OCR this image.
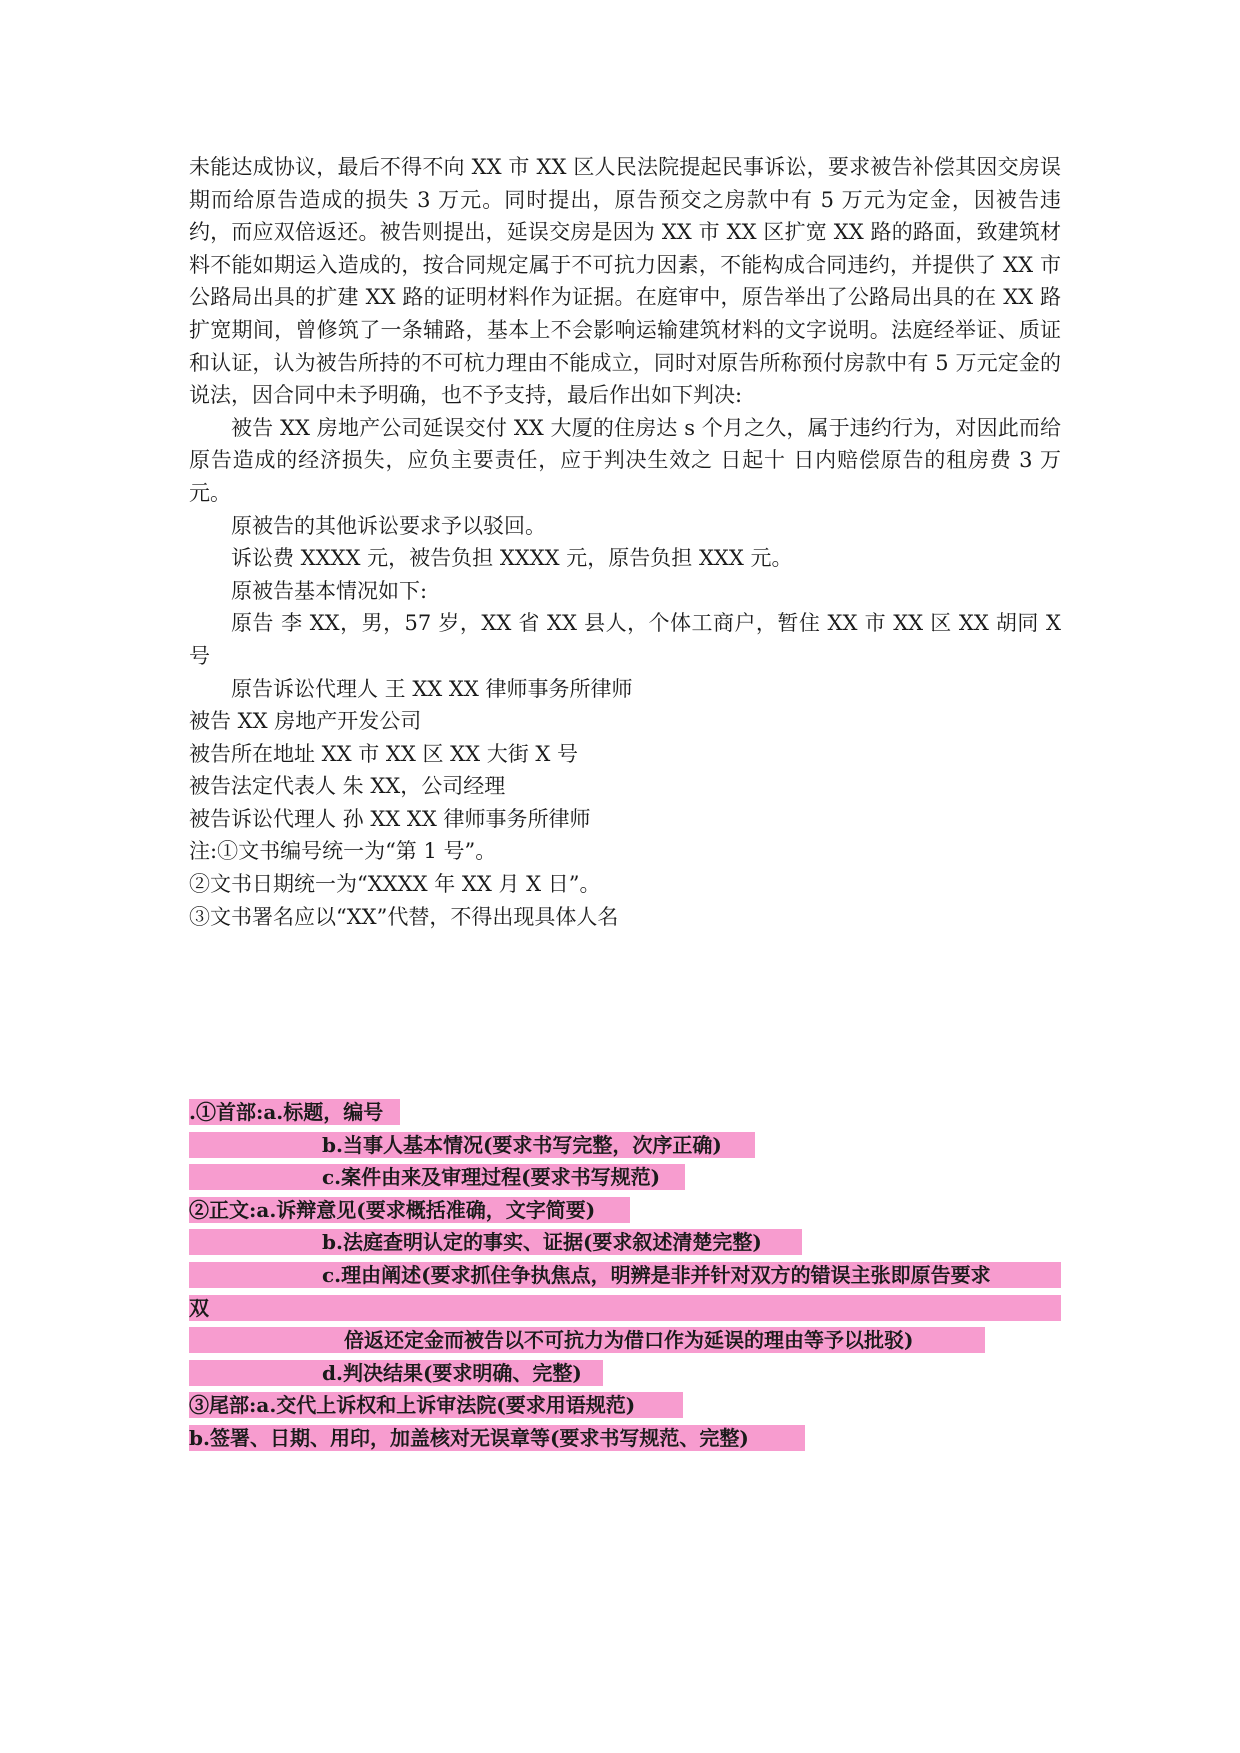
未能达成协议，最后不得不向 XX 市 XX 区人民法院提起民事诉讼，要求被告补偿其因交房误期而给原告造成的损失 3 万元。同时提出，原告预交之房款中有 5 万元为定金，因被告违约，而应双倍返还。被告则提出，延误交房是因为 XX 市 XX 区扩宽 XX 路的路面，致建筑材料不能如期运入造成的，按合同规定属于不可抗力因素，不能构成合同违约，并提供了 XX 市公路局出具的扩建 XX 路的证明材料作为证据。在庭审中，原告举出了公路局出具的在 XX 路扩宽期间，曾修筑了一条辅路，基本上不会影响运输建筑材料的文字说明。法庭经举证、质证和认证，认为被告所持的不可杭力理由不能成立，同时对原告所称预付房款中有 5 万元定金的说法，因合同中未予明确，也不予支持，最后作出如下判决:

被告 XX 房地产公司延误交付 XX 大厦的住房达 s 个月之久，属于违约行为，对因此而给原告造成的经济损失，应负主要责任，应于判决生效之 日起十 日内赔偿原告的租房费 3 万元。

原被告的其他诉讼要求予以驳回。

诉讼费 XXXX 元，被告负担 XXXX 元，原告负担 XXX 元。

原被告基本情况如下:

原告 李 XX，男，57 岁，XX 省 XX 县人，个体工商户，暂住 XX 市 XX 区 XX 胡同 X 号

原告诉讼代理人 王 XX XX 律师事务所律师

被告 XX 房地产开发公司

被告所在地址 XX 市 XX 区 XX 大街 X 号

被告法定代表人 朱 XX，公司经理

被告诉讼代理人 孙 XX XX 律师事务所律师

注:①文书编号统一为“第 1 号”。

②文书日期统一为“XXXX 年 XX 月 X 日”。

③文书署名应以“XX”代替，不得出现具体人名

.①首部:a.标题，编号
b.当事人基本情况(要求书写完整，次序正确)
c.案件由来及审理过程(要求书写规范)
②正文:a.诉辩意见(要求概括准确，文字简要)
b.法庭查明认定的事实、证据(要求叙述清楚完整)
c.理由阐述(要求抓住争执焦点，明辨是非并针对双方的错误主张即原告要求
双
倍返还定金而被告以不可抗力为借口作为延误的理由等予以批驳)
d.判决结果(要求明确、完整)
③尾部:a.交代上诉权和上诉审法院(要求用语规范)
b.签署、日期、用印，加盖核对无误章等(要求书写规范、完整)
